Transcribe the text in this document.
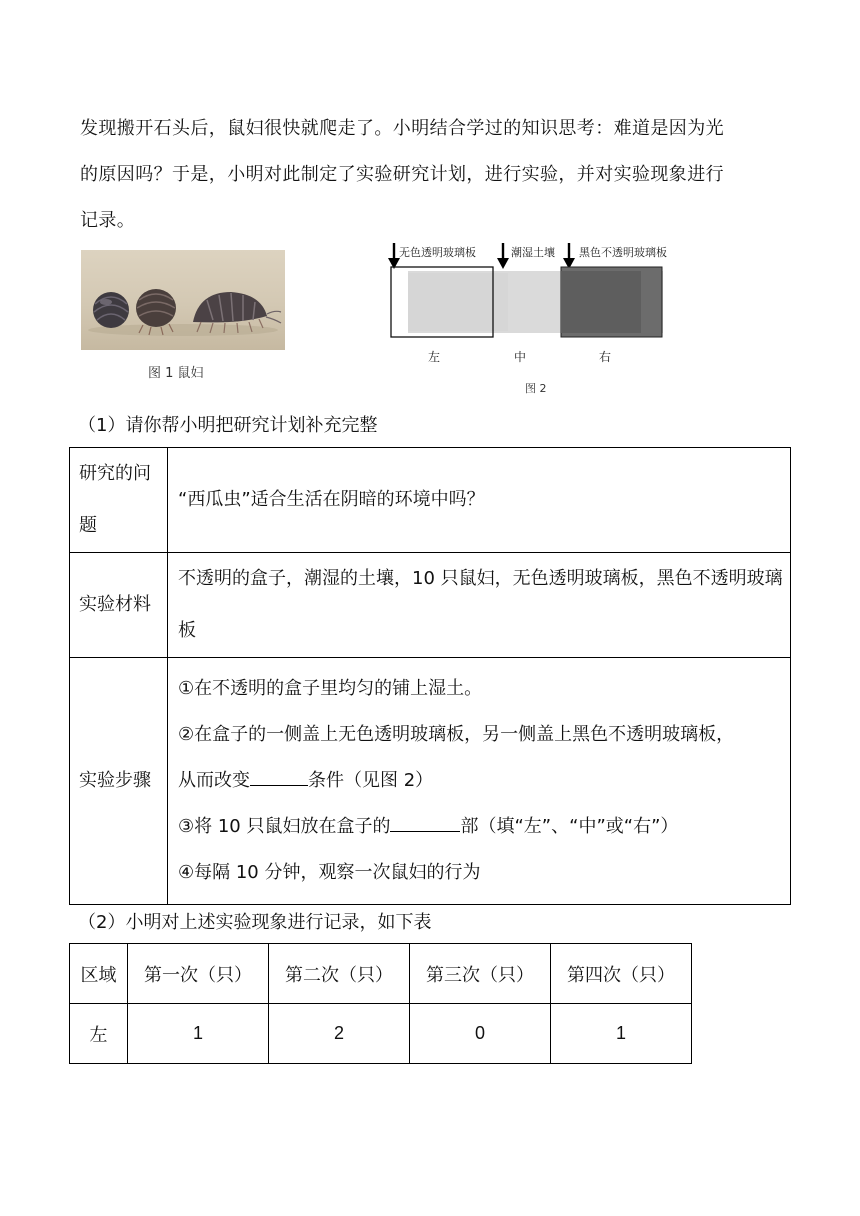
发现搬开石头后，鼠妇很快就爬走了。小明结合学过的知识思考：难道是因为光

的原因吗？于是，小明对此制定了实验研究计划，进行实验，并对实验现象进行

记录。

图 1 鼠妇
无色透明玻璃板	潮湿土壤 黑色不透明玻璃板
左	中	右
图 2
（1）请你帮小明把研究计划补充完整
研究的问题	“西瓜虫”适合生活在阴暗的环境中吗？
实验材料	不透明的盒子，潮湿的土壤，10 只鼠妇，无色透明玻璃板，黑色不透明玻璃板
实验步骤	①在不透明的盒子里均匀的铺上湿土。
②在盒子的一侧盖上无色透明玻璃板，另一侧盖上黑色不透明玻璃板，
从而改变 条件（见图 2）
③将 10 只鼠妇放在盒子的 部（填“左”、“中”或“右”）
④每隔 10 分钟，观察一次鼠妇的行为
（2）小明对上述实验现象进行记录，如下表
区域	第一次（只）	第二次（只）	第三次（只）	第四次（只）
左	1	2	0	1
